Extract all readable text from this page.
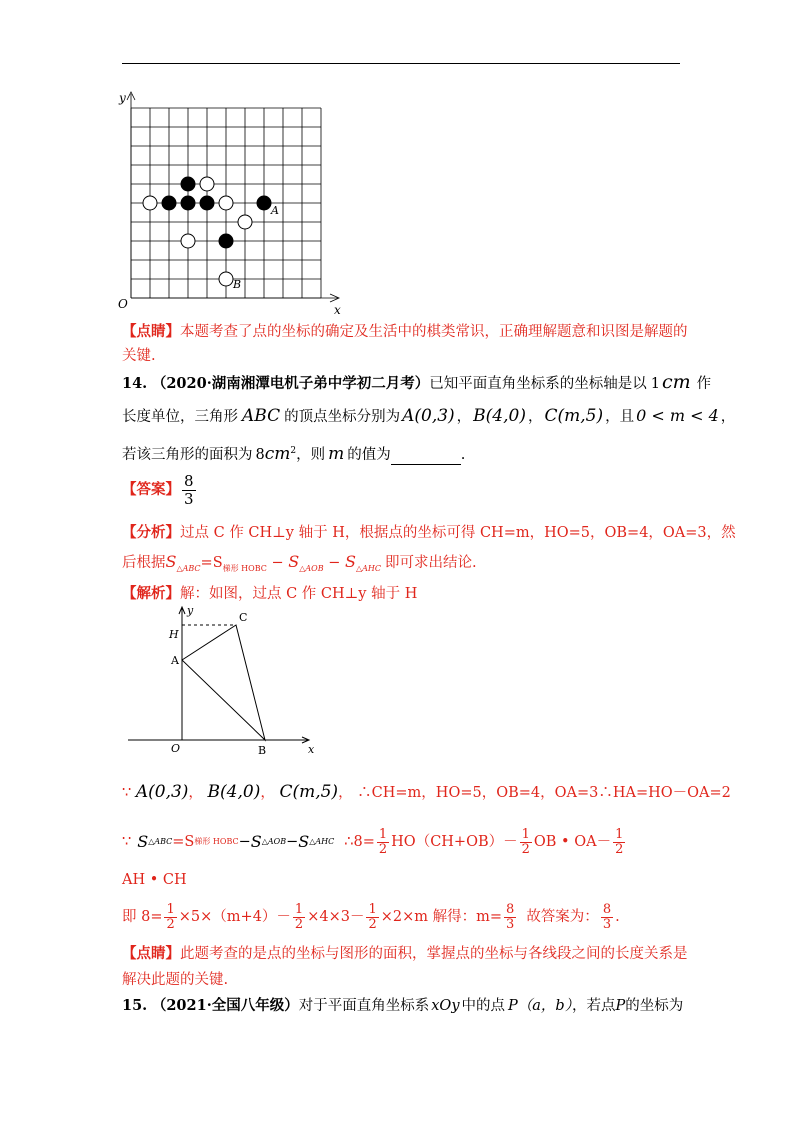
y
x
O
A
B
【点睛】本题考查了点的坐标的确定及生活中的棋类常识，正确理解题意和识图是解题的
关键.
14. （2020·湖南湘潭电机子弟中学初二月考）已知平面直角坐标系的坐标轴是以 1 cm 作
长度单位，三角形 ABC 的顶点坐标分别为 A(0,3) ， B(4,0) ， C(m,5) ，且 0 < m < 4 ，
若该三角形的面积为 $8cm^2$，则 m 的值为	.
【答案】 $\frac{8}{3}$
【分析】过点 C 作 CH⊥y 轴于 H，根据点的坐标可得 CH=m，HO=5，OB=4，OA=3，然
后根据$S_{\triangle ABC}=S_{梯形 HOBC} - S_{\triangle AOB} - S_{\triangle AHC}$ 即可求出结论.
【解析】解：如图，过点 C 作 CH⊥y 轴于 H
y
x
H
A
C
O	B
∵ A(0,3)， B(4,0)， C(m,5)， ∴CH=m，HO=5，OB=4，OA=3∴HA=HO－OA=2
∵ S △ABC =S 梯形 HOBC − S △AOB − S △AHC ∴8= $\frac{1}{2} HO(CH+OB)- \frac{1}{2}$ OB • $OA- \frac{1}{2}$
AH • CH
即 $8= \frac{1}{2} \times 5\times(m+4)- \frac{1}{2} \times 4\times 3- \frac{1}{2} \times 2\times m$ 解得：$m= \frac{8}{3}$ 故答案为： $\frac{8}{3}$ .
【点睛】此题考查的是点的坐标与图形的面积，掌握点的坐标与各线段之间的长度关系是
解决此题的关键.
15. （2021·全国八年级）对于平面直角坐标系 xOy 中的点 P（a，b），若点P的坐标为
